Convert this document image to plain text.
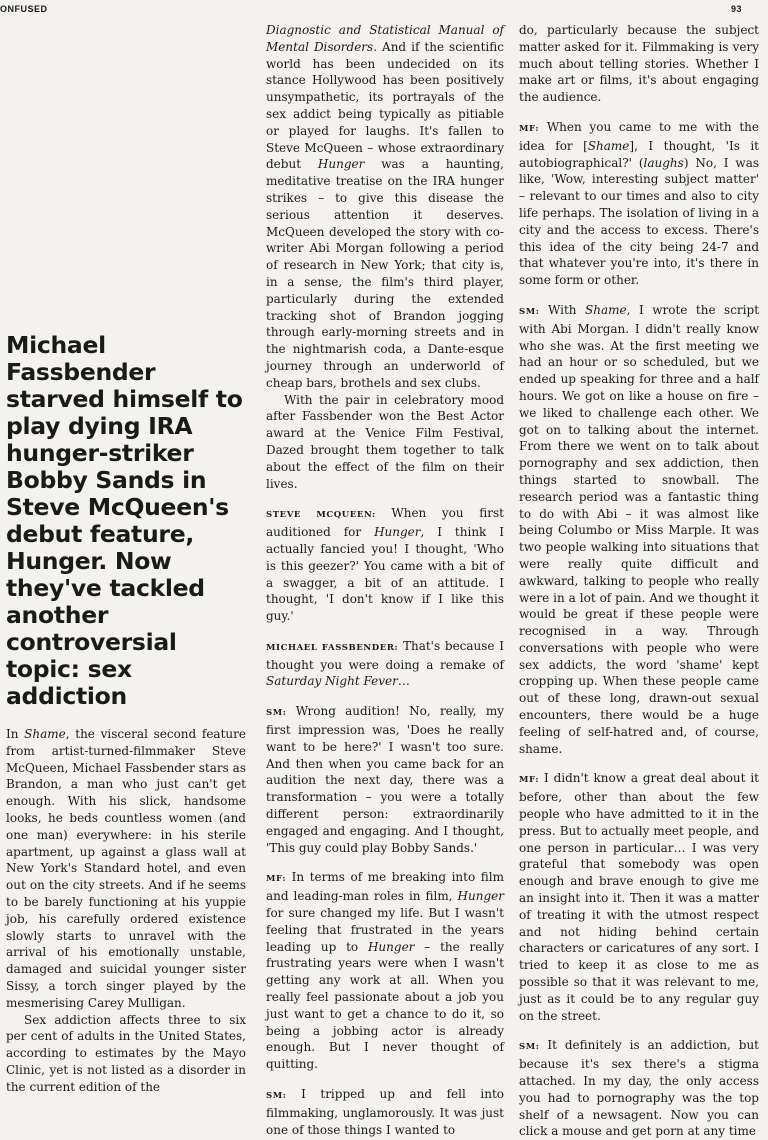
ONFUSED	93
Michael Fassbender starved himself to play dying IRA hunger-striker Bobby Sands in Steve McQueen's debut feature, Hunger. Now they've tackled another controversial topic: sex addiction

In Shame, the visceral second feature from artist-turned-filmmaker Steve McQueen, Michael Fassbender stars as Brandon, a man who just can't get enough. With his slick, handsome looks, he beds countless women (and one man) everywhere: in his sterile apartment, up against a glass wall at New York's Standard hotel, and even out on the city streets. And if he seems to be barely functioning at his yuppie job, his carefully ordered existence slowly starts to unravel with the arrival of his emotionally unstable, damaged and suicidal younger sister Sissy, a torch singer played by the mesmerising Carey Mulligan.

Sex addiction affects three to six per cent of adults in the United States, according to estimates by the Mayo Clinic, yet is not listed as a disorder in the current edition of the

Diagnostic and Statistical Manual of Mental Disorders. And if the scientific world has been undecided on its stance Hollywood has been positively unsympathetic, its portrayals of the sex addict being typically as pitiable or played for laughs. It's fallen to Steve McQueen – whose extraordinary debut Hunger was a haunting, meditative treatise on the IRA hunger strikes – to give this disease the serious attention it deserves. McQueen developed the story with co-writer Abi Morgan following a period of research in New York; that city is, in a sense, the film's third player, particularly during the extended tracking shot of Brandon jogging through early-morning streets and in the nightmarish coda, a Dante-esque journey through an underworld of cheap bars, brothels and sex clubs.

With the pair in celebratory mood after Fassbender won the Best Actor award at the Venice Film Festival, Dazed brought them together to talk about the effect of the film on their lives.

STEVE MCQUEEN: When you first auditioned for Hunger, I think I actually fancied you! I thought, 'Who is this geezer?' You came with a bit of a swagger, a bit of an attitude. I thought, 'I don't know if I like this guy.'

MICHAEL FASSBENDER: That's because I thought you were doing a remake of Saturday Night Fever…

SM: Wrong audition! No, really, my first impression was, 'Does he really want to be here?' I wasn't too sure. And then when you came back for an audition the next day, there was a transformation – you were a totally different person: extraordinarily engaged and engaging. And I thought, 'This guy could play Bobby Sands.'

MF: In terms of me breaking into film and leading-man roles in film, Hunger for sure changed my life. But I wasn't feeling that frustrated in the years leading up to Hunger – the really frustrating years were when I wasn't getting any work at all. When you really feel passionate about a job you just want to get a chance to do it, so being a jobbing actor is already enough. But I never thought of quitting.

SM: I tripped up and fell into filmmaking, unglamorously. It was just one of those things I wanted to

do, particularly because the subject matter asked for it. Filmmaking is very much about telling stories. Whether I make art or films, it's about engaging the audience.

MF: When you came to me with the idea for [Shame], I thought, 'Is it autobiographical?' (laughs) No, I was like, 'Wow, interesting subject matter' – relevant to our times and also to city life perhaps. The isolation of living in a city and the access to excess. There's this idea of the city being 24-7 and that whatever you're into, it's there in some form or other.

SM: With Shame, I wrote the script with Abi Morgan. I didn't really know who she was. At the first meeting we had an hour or so scheduled, but we ended up speaking for three and a half hours. We got on like a house on fire – we liked to challenge each other. We got on to talking about the internet. From there we went on to talk about pornography and sex addiction, then things started to snowball. The research period was a fantastic thing to do with Abi – it was almost like being Columbo or Miss Marple. It was two people walking into situations that were really quite difficult and awkward, talking to people who really were in a lot of pain. And we thought it would be great if these people were recognised in a way. Through conversations with people who were sex addicts, the word 'shame' kept cropping up. When these people came out of these long, drawn-out sexual encounters, there would be a huge feeling of self-hatred and, of course, shame.

MF: I didn't know a great deal about it before, other than about the few people who have admitted to it in the press. But to actually meet people, and one person in particular… I was very grateful that somebody was open enough and brave enough to give me an insight into it. Then it was a matter of treating it with the utmost respect and not hiding behind certain characters or caricatures of any sort. I tried to keep it as close to me as possible so that it was relevant to me, just as it could be to any regular guy on the street.

SM: It definitely is an addiction, but because it's sex there's a stigma attached. In my day, the only access you had to pornography was the top shelf of a newsagent. Now you can click a mouse and get porn at any time
